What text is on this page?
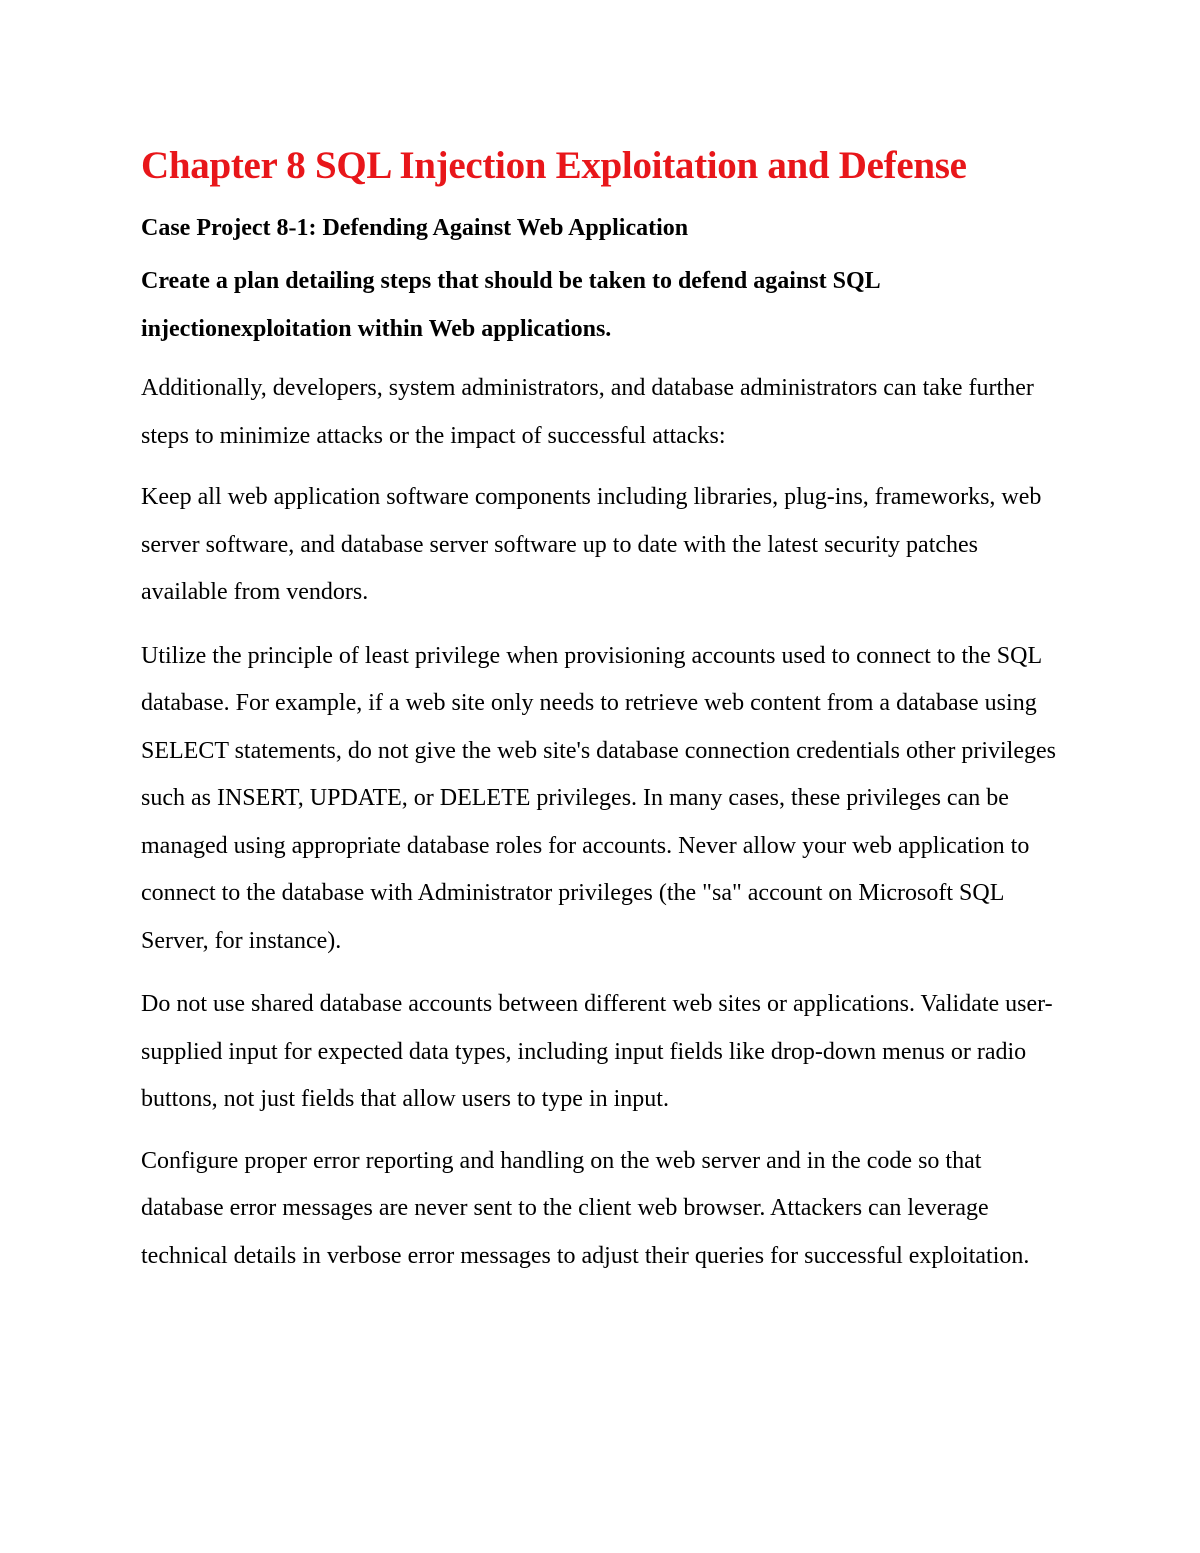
Chapter 8 SQL Injection Exploitation and Defense

Case Project 8-1: Defending Against Web Application

Create a plan detailing steps that should be taken to defend against SQL injectionexploitation within Web applications.

Additionally, developers, system administrators, and database administrators can take further steps to minimize attacks or the impact of successful attacks:

Keep all web application software components including libraries, plug-ins, frameworks, web server software, and database server software up to date with the latest security patches available from vendors.

Utilize the principle of least privilege when provisioning accounts used to connect to the SQL database. For example, if a web site only needs to retrieve web content from a database using SELECT statements, do not give the web site's database connection credentials other privileges such as INSERT, UPDATE, or DELETE privileges. In many cases, these privileges can be managed using appropriate database roles for accounts. Never allow your web application to connect to the database with Administrator privileges (the "sa" account on Microsoft SQL Server, for instance).

Do not use shared database accounts between different web sites or applications. Validate user-supplied input for expected data types, including input fields like drop-down menus or radio buttons, not just fields that allow users to type in input.

Configure proper error reporting and handling on the web server and in the code so that database error messages are never sent to the client web browser. Attackers can leverage technical details in verbose error messages to adjust their queries for successful exploitation.
